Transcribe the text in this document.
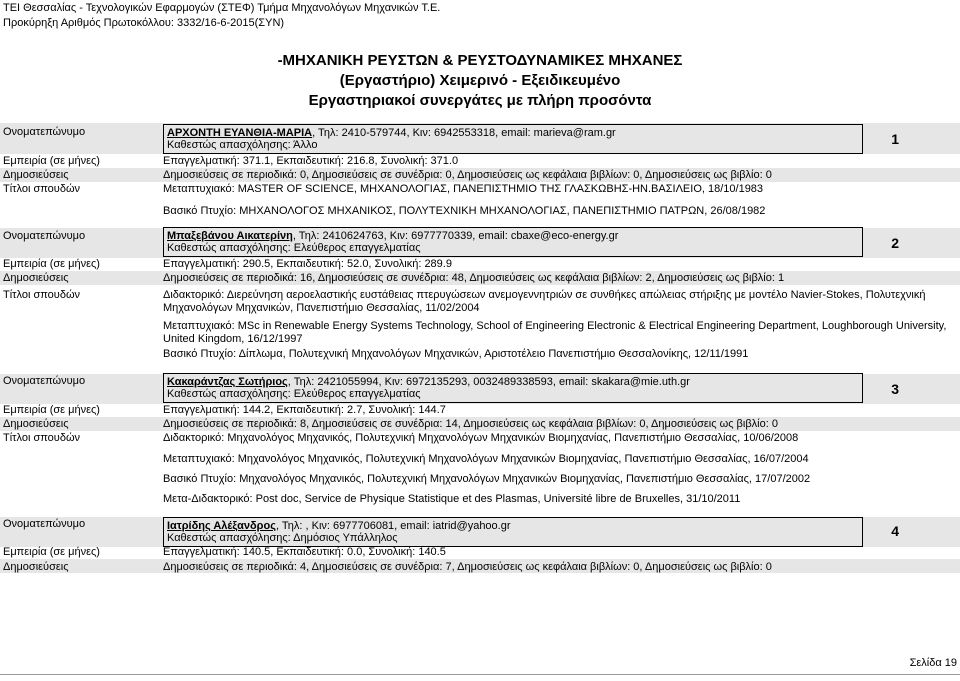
ΤΕΙ Θεσσαλίας - Τεχνολογικών Εφαρμογών (ΣΤΕΦ) Τμήμα Μηχανολόγων Μηχανικών Τ.Ε.
Προκύρηξη Αριθμός Πρωτοκόλλου: 3332/16-6-2015(ΣΥΝ)
-ΜΗΧΑΝΙΚΗ ΡΕΥΣΤΩΝ & ΡΕΥΣΤΟΔΥΝΑΜΙΚΕΣ ΜΗΧΑΝΕΣ
(Εργαστήριο) Χειμερινό - Εξειδικευμένο
Εργαστηριακοί συνεργάτες με πλήρη προσόντα
Ονοματεπώνυμο	ΑΡΧΟΝΤΗ ΕΥΑΝΘΙΑ-ΜΑΡΙΑ, Τηλ: 2410-579744, Κιν: 6942553318, email: marieva@ram.gr
Καθεστώς απασχόλησης: Άλλο	1
Εμπειρία (σε μήνες)	Επαγγελματική: 371.1, Εκπαιδευτική: 216.8, Συνολική: 371.0
Δημοσιεύσεις	Δημοσιεύσεις σε περιοδικά: 0, Δημοσιεύσεις σε συνέδρια: 0, Δημοσιεύσεις ως κεφάλαια βιβλίων: 0, Δημοσιεύσεις ως βιβλίο: 0
Τίτλοι σπουδών	Μεταπτυχιακό: MASTER OF SCIENCE, ΜΗΧΑΝΟΛΟΓΙΑΣ, ΠΑΝΕΠΙΣΤΗΜΙΟ ΤΗΣ ΓΛΑΣΚΩΒΗΣ-ΗΝ.ΒΑΣΙΛΕΙΟ, 18/10/1983
Βασικό Πτυχίο: ΜΗΧΑΝΟΛΟΓΟΣ ΜΗΧΑΝΙΚΟΣ, ΠΟΛΥΤΕΧΝΙΚΗ ΜΗΧΑΝΟΛΟΓΙΑΣ, ΠΑΝΕΠΙΣΤΗΜΙΟ ΠΑΤΡΩΝ, 26/08/1982
Ονοματεπώνυμο	Μπαξεβάνου Αικατερίνη, Τηλ: 2410624763, Κιν: 6977770339, email: cbaxe@eco-energy.gr
Καθεστώς απασχόλησης: Ελεύθερος επαγγελματίας	2
Εμπειρία (σε μήνες)	Επαγγελματική: 290.5, Εκπαιδευτική: 52.0, Συνολική: 289.9
Δημοσιεύσεις	Δημοσιεύσεις σε περιοδικά: 16, Δημοσιεύσεις σε συνέδρια: 48, Δημοσιεύσεις ως κεφάλαια βιβλίων: 2, Δημοσιεύσεις ως βιβλίο: 1
Τίτλοι σπουδών	Διδακτορικό: Διερεύνηση αεροελαστικής ευστάθειας πτερυγώσεων ανεμογεννητριών σε συνθήκες απώλειας στήριξης με μοντέλο Navier-Stokes, Πολυτεχνική Μηχανολόγων Μηχανικών, Πανεπιστήμιο Θεσσαλίας, 11/02/2004
Μεταπτυχιακό: MSc in Renewable Energy Systems Technology, School of Engineering Electronic & Electrical Engineering Department, Loughborough University, United Kingdom, 16/12/1997
Βασικό Πτυχίο: Δίπλωμα, Πολυτεχνική Μηχανολόγων Μηχανικών, Αριστοτέλειο Πανεπιστήμιο Θεσσαλονίκης, 12/11/1991
Ονοματεπώνυμο	Κακαράντζας Σωτήριος, Τηλ: 2421055994, Κιν: 6972135293, 0032489338593, email: skakara@mie.uth.gr
Καθεστώς απασχόλησης: Ελεύθερος επαγγελματίας	3
Εμπειρία (σε μήνες)	Επαγγελματική: 144.2, Εκπαιδευτική: 2.7, Συνολική: 144.7
Δημοσιεύσεις	Δημοσιεύσεις σε περιοδικά: 8, Δημοσιεύσεις σε συνέδρια: 14, Δημοσιεύσεις ως κεφάλαια βιβλίων: 0, Δημοσιεύσεις ως βιβλίο: 0
Τίτλοι σπουδών	Διδακτορικό: Μηχανολόγος Μηχανικός, Πολυτεχνική Μηχανολόγων Μηχανικών Βιομηχανίας, Πανεπιστήμιο Θεσσαλίας, 10/06/2008
Μεταπτυχιακό: Μηχανολόγος Μηχανικός, Πολυτεχνική Μηχανολόγων Μηχανικών Βιομηχανίας, Πανεπιστήμιο Θεσσαλίας, 16/07/2004
Βασικό Πτυχίο: Μηχανολόγος Μηχανικός, Πολυτεχνική Μηχανολόγων Μηχανικών Βιομηχανίας, Πανεπιστήμιο Θεσσαλίας, 17/07/2002
Μετα-Διδακτορικό: Post doc, Service de Physique Statistique et des Plasmas, Université libre de Bruxelles, 31/10/2011
Ονοματεπώνυμο	Ιατρίδης Αλέξανδρος, Τηλ: , Κιν: 6977706081, email: iatrid@yahoo.gr
Καθεστώς απασχόλησης: Δημόσιος Υπάλληλος	4
Εμπειρία (σε μήνες)	Επαγγελματική: 140.5, Εκπαιδευτική: 0.0, Συνολική: 140.5
Δημοσιεύσεις	Δημοσιεύσεις σε περιοδικά: 4, Δημοσιεύσεις σε συνέδρια: 7, Δημοσιεύσεις ως κεφάλαια βιβλίων: 0, Δημοσιεύσεις ως βιβλίο: 0
Σελίδα 19
